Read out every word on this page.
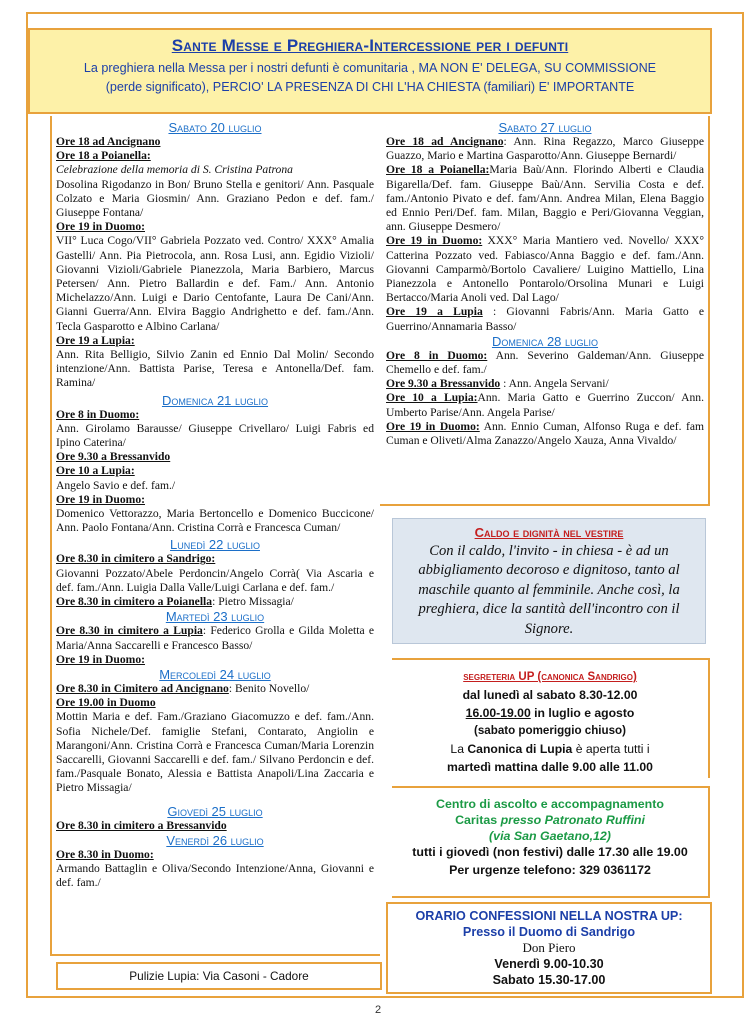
Sante Messe e Preghiera-Intercessione per i defunti

La preghiera nella Messa per i nostri defunti è comunitaria , MA NON E' DELEGA, SU COMMISSIONE
(perde significato), PERCIO' LA PRESENZA DI CHI L'HA CHIESTA (familiari) E' IMPORTANTE

Sabato 20 luglio
Ore 18 ad Ancignano
Ore 18 a Poianella:
Celebrazione della memoria di S. Cristina Patrona
Dosolina Rigodanzo in Bon/ Bruno Stella e genitori/ Ann. Pasquale Colzato e Maria Giosmin/ Ann. Graziano Pedon e def. fam./ Giuseppe Fontana/
Ore 19 in Duomo:
VII° Luca Cogo/VII° Gabriela Pozzato ved. Contro/ XXX° Amalia Gastelli/ Ann. Pia Pietrocola, ann. Rosa Lusi, ann. Egidio Vizioli/ Giovanni Vizioli/Gabriele Pianezzola, Maria Barbiero, Marcus Petersen/ Ann. Pietro Ballardin e def. Fam./ Ann. Antonio Michelazzo/Ann. Luigi e Dario Centofante, Laura De Cani/Ann. Gianni Guerra/Ann. Elvira Baggio Andrighetto e def. fam./Ann. Tecla Gasparotto e Albino Carlana/
Ore 19 a Lupia:
Ann. Rita Belligio, Silvio Zanin ed Ennio Dal Molin/ Secondo intenzione/Ann. Battista Parise, Teresa e Antonella/Def. fam. Ramina/
Domenica 21 luglio
Ore 8 in Duomo:
Ann. Girolamo Barausse/ Giuseppe Crivellaro/ Luigi Fabris ed Ipino Caterina/
Ore 9.30 a Bressanvido
Ore 10 a Lupia:
Angelo Savio e def. fam./
Ore 19 in Duomo:
Domenico Vettorazzo, Maria Bertoncello e Domenico Buccicone/ Ann. Paolo Fontana/Ann. Cristina Corrà e Francesca Cuman/
Lunedì 22 luglio
Ore 8.30 in cimitero a Sandrigo:
Giovanni Pozzato/Abele Perdoncin/Angelo Corrà( Via Ascaria e def. fam./Ann. Luigia Dalla Valle/Luigi Carlana e def. fam./
Ore 8.30 in cimitero a Poianella: Pietro Missagia/
Martedì 23 luglio
Ore 8.30 in cimitero a Lupia: Federico Grolla e Gilda Moletta e Maria/Anna Saccarelli e Francesco Basso/
Ore 19 in Duomo:
Mercoledì 24 luglio
Ore 8.30 in Cimitero ad Ancignano: Benito Novello/
Ore 19.00 in Duomo
Mottin Maria e def. Fam./Graziano Giacomuzzo e def. fam./Ann. Sofia Nichele/Def. famiglie Stefani, Contarato, Angiolin e Marangoni/Ann. Cristina Corrà e Francesca Cuman/Maria Lorenzin Saccarelli, Giovanni Saccarelli e def. fam./ Silvano Perdoncin e def. fam./Pasquale Bonato, Alessia e Battista Anapoli/Lina Zaccaria e Pietro Missagia/
Giovedì 25 luglio
Ore 8.30 in cimitero a Bressanvido
Venerdì 26 luglio
Ore 8.30 in Duomo:
Armando Battaglin e Oliva/Secondo Intenzione/Anna, Giovanni e def. fam./
Pulizie Lupia: Via Casoni - Cadore
Sabato 27 luglio
Ore 18 ad Ancignano: Ann. Rina Regazzo, Marco Giuseppe Guazzo, Mario e Martina Gasparotto/Ann. Giuseppe Bernardi/
Ore 18 a Poianella:Maria Baù/Ann. Florindo Alberti e Claudia Bigarella/Def. fam. Giuseppe Baù/Ann. Servilia Costa e def. fam./Antonio Pivato e def. fam/Ann. Andrea Milan, Elena Baggio ed Ennio Peri/Def. fam. Milan, Baggio e Peri/Giovanna Veggian, ann. Giuseppe Desmero/
Ore 19 in Duomo: XXX° Maria Mantiero ved. Novello/ XXX° Catterina Pozzato ved. Fabiasco/Anna Baggio e def. fam./Ann. Giovanni Camparmò/Bortolo Cavaliere/ Luigino Mattiello, Lina Pianezzola e Antonello Pontarolo/Orsolina Munari e Luigi Bertacco/Maria Anoli ved. Dal Lago/
Ore 19 a Lupia : Giovanni Fabris/Ann. Maria Gatto e Guerrino/Annamaria Basso/
Domenica 28 luglio
Ore 8 in Duomo: Ann. Severino Galdeman/Ann. Giuseppe Chemello e def. fam./
Ore 9.30 a Bressanvido : Ann. Angela Servani/
Ore 10 a Lupia:Ann. Maria Gatto e Guerrino Zuccon/ Ann. Umberto Parise/Ann. Angela Parise/
Ore 19 in Duomo: Ann. Ennio Cuman, Alfonso Ruga e def. fam Cuman e Oliveti/Alma Zanazzo/Angelo Xauza, Anna Vivaldo/
Caldo e dignità nel vestire
Con il caldo, l'invito - in chiesa - è ad un abbigliamento decoroso e dignitoso, tanto al maschile quanto al femminile. Anche così, la preghiera, dice la santità dell'incontro con il Signore.
segreteria UP (canonica Sandrigo)
dal lunedì al sabato 8.30-12.00
16.00-19.00 in luglio e agosto
(sabato pomeriggio chiuso)
La Canonica di Lupia è aperta tutti i
martedì mattina dalle 9.00 alle 11.00
Centro di ascolto e accompagnamento
Caritas presso Patronato Ruffini
(via San Gaetano,12)
tutti i giovedì (non festivi) dalle 17.30 alle 19.00
Per urgenze telefono: 329 0361172
ORARIO CONFESSIONI NELLA NOSTRA UP:
Presso il Duomo di Sandrigo
Don Piero
Venerdì 9.00-10.30
Sabato 15.30-17.00
2
